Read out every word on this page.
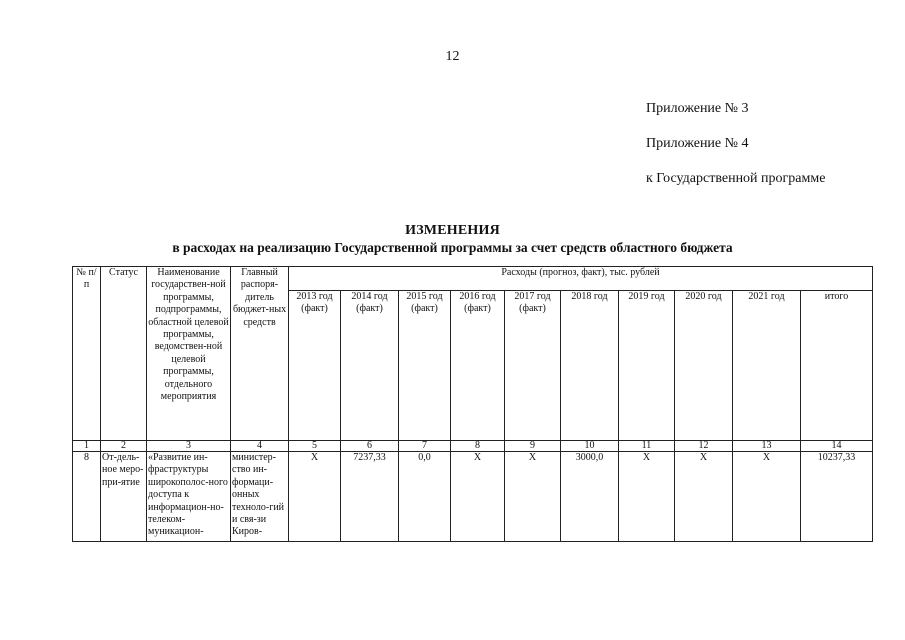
12
Приложение № 3
Приложение № 4
к Государственной программе
ИЗМЕНЕНИЯ
в расходах на реализацию Государственной программы за счет средств областного бюджета
№ п/п	Статус	Наименование государствен-ной программы, подпрограммы, областной целевой программы, ведомствен-ной целевой программы, отдельного мероприятия	Главный распоря-дитель бюджет-ных средств	Расходы (прогноз, факт), тыс. рублей									
				2013 год (факт)	2014 год (факт)	2015 год (факт)	2016 год (факт)	2017 год (факт)	2018 год	2019 год	2020 год	2021 год	итого
1	2	3	4	5	6	7	8	9	10	11	12	13	14
8	От-дель-ное меро-при-ятие	«Развитие ин-фраструктуры широкополос-ного доступа к информацион-но-телеком-муникацион-	министер-ство ин-формаци-онных техноло-гий и свя-зи Киров-	X	7237,33	0,0	X	X	3000,0	X	X	X	10237,33
